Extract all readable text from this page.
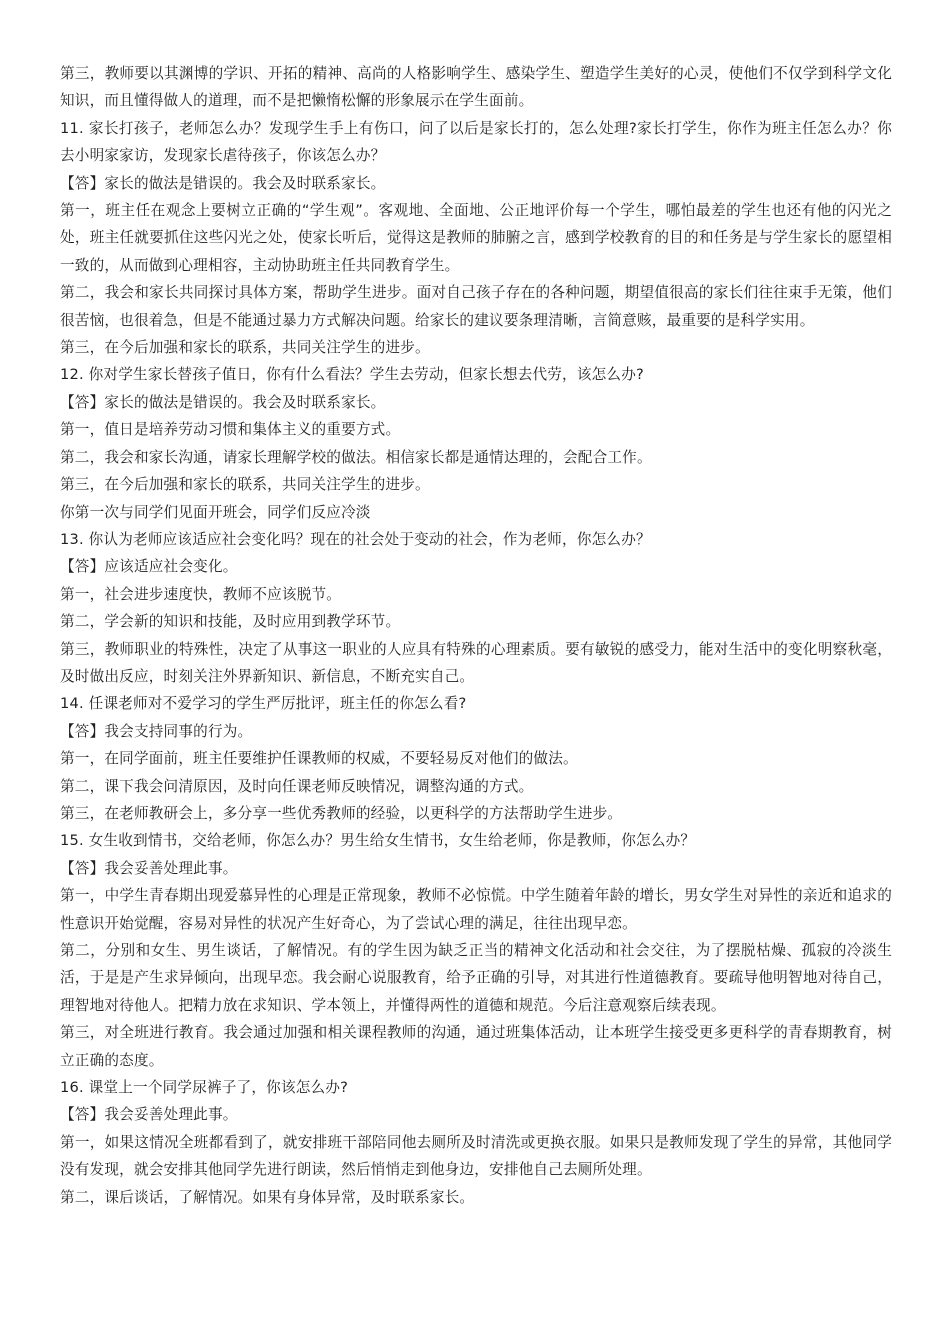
第三，教师要以其渊博的学识、开拓的精神、高尚的人格影响学生、感染学生、塑造学生美好的心灵，使他们不仅学到科学文化知识，而且懂得做人的道理，而不是把懒惰松懈的形象展示在学生面前。

11. 家长打孩子，老师怎么办？发现学生手上有伤口，问了以后是家长打的，怎么处理?家长打学生，你作为班主任怎么办？你去小明家家访，发现家长虐待孩子，你该怎么办？

【答】家长的做法是错误的。我会及时联系家长。

第一，班主任在观念上要树立正确的“学生观”。客观地、全面地、公正地评价每一个学生，哪怕最差的学生也还有他的闪光之处，班主任就要抓住这些闪光之处，使家长听后，觉得这是教师的肺腑之言，感到学校教育的目的和任务是与学生家长的愿望相一致的，从而做到心理相容，主动协助班主任共同教育学生。

第二，我会和家长共同探讨具体方案，帮助学生进步。面对自己孩子存在的各种问题，期望值很高的家长们往往束手无策，他们很苦恼，也很着急，但是不能通过暴力方式解决问题。给家长的建议要条理清晰，言简意赅，最重要的是科学实用。

第三，在今后加强和家长的联系，共同关注学生的进步。

12. 你对学生家长替孩子值日，你有什么看法？学生去劳动，但家长想去代劳，该怎么办?

【答】家长的做法是错误的。我会及时联系家长。

第一，值日是培养劳动习惯和集体主义的重要方式。

第二，我会和家长沟通，请家长理解学校的做法。相信家长都是通情达理的，会配合工作。

第三，在今后加强和家长的联系，共同关注学生的进步。

你第一次与同学们见面开班会，同学们反应冷淡

13. 你认为老师应该适应社会变化吗？现在的社会处于变动的社会，作为老师，你怎么办？

【答】应该适应社会变化。

第一，社会进步速度快，教师不应该脱节。

第二，学会新的知识和技能，及时应用到教学环节。

第三，教师职业的特殊性，决定了从事这一职业的人应具有特殊的心理素质。要有敏锐的感受力，能对生活中的变化明察秋毫，及时做出反应，时刻关注外界新知识、新信息，不断充实自己。

14. 任课老师对不爱学习的学生严厉批评，班主任的你怎么看?

【答】我会支持同事的行为。

第一，在同学面前，班主任要维护任课教师的权威，不要轻易反对他们的做法。

第二，课下我会问清原因，及时向任课老师反映情况，调整沟通的方式。

第三，在老师教研会上，多分享一些优秀教师的经验，以更科学的方法帮助学生进步。

15. 女生收到情书，交给老师，你怎么办？男生给女生情书，女生给老师，你是教师，你怎么办？

【答】我会妥善处理此事。

第一，中学生青春期出现爱慕异性的心理是正常现象，教师不必惊慌。中学生随着年龄的增长，男女学生对异性的亲近和追求的性意识开始觉醒，容易对异性的状况产生好奇心，为了尝试心理的满足，往往出现早恋。

第二，分别和女生、男生谈话，了解情况。有的学生因为缺乏正当的精神文化活动和社会交往，为了摆脱枯燥、孤寂的冷淡生活，于是是产生求异倾向，出现早恋。我会耐心说服教育，给予正确的引导，对其进行性道德教育。要疏导他明智地对待自己，理智地对待他人。把精力放在求知识、学本领上，并懂得两性的道德和规范。今后注意观察后续表现。

第三，对全班进行教育。我会通过加强和相关课程教师的沟通，通过班集体活动，让本班学生接受更多更科学的青春期教育，树立正确的态度。

16. 课堂上一个同学尿裤子了，你该怎么办?

【答】我会妥善处理此事。

第一，如果这情况全班都看到了，就安排班干部陪同他去厕所及时清洗或更换衣服。如果只是教师发现了学生的异常，其他同学没有发现，就会安排其他同学先进行朗读，然后悄悄走到他身边，安排他自己去厕所处理。

第二，课后谈话，了解情况。如果有身体异常，及时联系家长。
